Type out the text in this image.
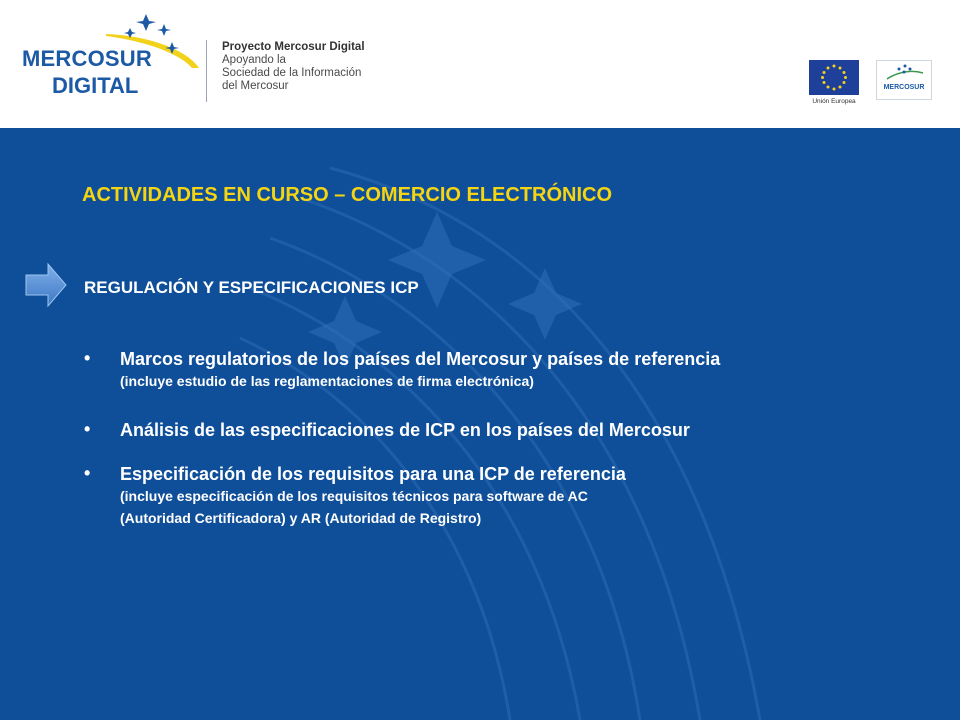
MERCOSUR
DIGITAL
Proyecto Mercosur Digital
Apoyando la
Sociedad de la Información
del Mercosur
Unión Europea
MERCOSUR
ACTIVIDADES EN CURSO – COMERCIO ELECTRÓNICO
REGULACIÓN Y ESPECIFICACIONES ICP
• Marcos regulatorios de los países del Mercosur y países de referencia
(incluye estudio de las reglamentaciones de firma electrónica)
• Análisis de las especificaciones de ICP en los países del Mercosur
• Especificación de los requisitos para una ICP de referencia
(incluye especificación de los requisitos técnicos para software de AC
(Autoridad Certificadora) y AR (Autoridad de Registro)
